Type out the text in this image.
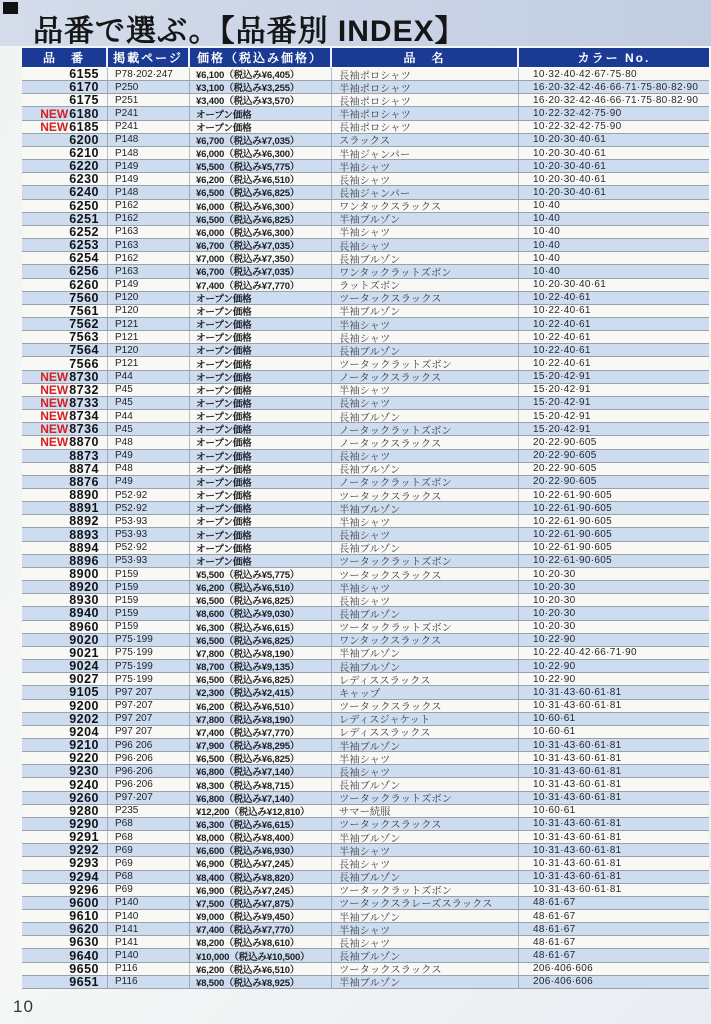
品番で選ぶ。【品番別 INDEX】
品　番	掲載ページ	価格（税込み価格）	品　名	カラー No.
6155	P78·202·247	¥6,100（税込み¥6,405）	長袖ポロシャツ	10·32·40·42·67·75·80
6170	P250	¥3,100（税込み¥3,255）	半袖ポロシャツ	16·20·32·42·46·66·71·75·80·82·90
6175	P251	¥3,400（税込み¥3,570）	長袖ポロシャツ	16·20·32·42·46·66·71·75·80·82·90
NEW 6180	P241	オープン価格	半袖ポロシャツ	10·22·32·42·75·90
NEW 6185	P241	オープン価格	長袖ポロシャツ	10·22·32·42·75·90
6200	P148	¥6,700（税込み¥7,035）	スラックス	10·20·30·40·61
6210	P148	¥6,000（税込み¥6,300）	半袖ジャンパー	10·20·30·40·61
6220	P149	¥5,500（税込み¥5,775）	半袖シャツ	10·20·30·40·61
6230	P149	¥6,200（税込み¥6,510）	長袖シャツ	10·20·30·40·61
6240	P148	¥6,500（税込み¥6,825）	長袖ジャンパー	10·20·30·40·61
6250	P162	¥6,000（税込み¥6,300）	ワンタックスラックス	10·40
6251	P162	¥6,500（税込み¥6,825）	半袖ブルゾン	10·40
6252	P163	¥6,000（税込み¥6,300）	半袖シャツ	10·40
6253	P163	¥6,700（税込み¥7,035）	長袖シャツ	10·40
6254	P162	¥7,000（税込み¥7,350）	長袖ブルゾン	10·40
6256	P163	¥6,700（税込み¥7,035）	ワンタックラットズボン	10·40
6260	P149	¥7,400（税込み¥7,770）	ラットズボン	10·20·30·40·61
7560	P120	オープン価格	ツータックスラックス	10·22·40·61
7561	P120	オープン価格	半袖ブルゾン	10·22·40·61
7562	P121	オープン価格	半袖シャツ	10·22·40·61
7563	P121	オープン価格	長袖シャツ	10·22·40·61
7564	P120	オープン価格	長袖ブルゾン	10·22·40·61
7566	P121	オープン価格	ツータックラットズボン	10·22·40·61
NEW 8730	P44	オープン価格	ノータックスラックス	15·20·42·91
NEW 8732	P45	オープン価格	半袖シャツ	15·20·42·91
NEW 8733	P45	オープン価格	長袖シャツ	15·20·42·91
NEW 8734	P44	オープン価格	長袖ブルゾン	15·20·42·91
NEW 8736	P45	オープン価格	ノータックラットズボン	15·20·42·91
NEW 8870	P48	オープン価格	ノータックスラックス	20·22·90·605
8873	P49	オープン価格	長袖シャツ	20·22·90·605
8874	P48	オープン価格	長袖ブルゾン	20·22·90·605
8876	P49	オープン価格	ノータックラットズボン	20·22·90·605
8890	P52·92	オープン価格	ツータックスラックス	10·22·61·90·605
8891	P52·92	オープン価格	半袖ブルゾン	10·22·61·90·605
8892	P53·93	オープン価格	半袖シャツ	10·22·61·90·605
8893	P53·93	オープン価格	長袖シャツ	10·22·61·90·605
8894	P52·92	オープン価格	長袖ブルゾン	10·22·61·90·605
8896	P53·93	オープン価格	ツータックラットズボン	10·22·61·90·605
8900	P159	¥5,500（税込み¥5,775）	ツータックスラックス	10·20·30
8920	P159	¥6,200（税込み¥6,510）	半袖シャツ	10·20·30
8930	P159	¥6,500（税込み¥6,825）	長袖シャツ	10·20·30
8940	P159	¥8,600（税込み¥9,030）	長袖ブルゾン	10·20·30
8960	P159	¥6,300（税込み¥6,615）	ツータックラットズボン	10·20·30
9020	P75·199	¥6,500（税込み¥6,825）	ワンタックスラックス	10·22·90
9021	P75·199	¥7,800（税込み¥8,190）	半袖ブルゾン	10·22·40·42·66·71·90
9024	P75·199	¥8,700（税込み¥9,135）	長袖ブルゾン	10·22·90
9027	P75·199	¥6,500（税込み¥6,825）	レディススラックス	10·22·90
9105	P97 207	¥2,300（税込み¥2,415）	キャップ	10·31·43·60·61·81
9200	P97·207	¥6,200（税込み¥6,510）	ツータックスラックス	10·31·43·60·61·81
9202	P97 207	¥7,800（税込み¥8,190）	レディスジャケット	10·60·61
9204	P97 207	¥7,400（税込み¥7,770）	レディススラックス	10·60·61
9210	P96 206	¥7,900（税込み¥8,295）	半袖ブルゾン	10·31·43·60·61·81
9220	P96·206	¥6,500（税込み¥6,825）	半袖シャツ	10·31·43·60·61·81
9230	P96·206	¥6,800（税込み¥7,140）	長袖シャツ	10·31·43·60·61·81
9240	P96·206	¥8,300（税込み¥8,715）	長袖ブルゾン	10·31·43·60·61·81
9260	P97·207	¥6,800（税込み¥7,140）	ツータックラットズボン	10·31·43·60·61·81
9280	P235	¥12,200（税込み¥12,810）	サマー続服	10·60·61
9290	P68	¥6,300（税込み¥6,615）	ツータックスラックス	10·31·43·60·61·81
9291	P68	¥8,000（税込み¥8,400）	半袖ブルゾン	10·31·43·60·61·81
9292	P69	¥6,600（税込み¥6,930）	半袖シャツ	10·31·43·60·61·81
9293	P69	¥6,900（税込み¥7,245）	長袖シャツ	10·31·43·60·61·81
9294	P68	¥8,400（税込み¥8,820）	長袖ブルゾン	10·31·43·60·61·81
9296	P69	¥6,900（税込み¥7,245）	ツータックラットズボン	10·31·43·60·61·81
9600	P140	¥7,500（税込み¥7,875）	ツータックスラレーズスラックス	48·61·67
9610	P140	¥9,000（税込み¥9,450）	半袖ブルゾン	48·61·67
9620	P141	¥7,400（税込み¥7,770）	半袖シャツ	48·61·67
9630	P141	¥8,200（税込み¥8,610）	長袖シャツ	48·61·67
9640	P140	¥10,000（税込み¥10,500）	長袖ブルゾン	48·61·67
9650	P116	¥6,200（税込み¥6,510）	ツータックスラックス	206·406·606
9651	P116	¥8,500（税込み¥8,925）	半袖ブルゾン	206·406·606
10
